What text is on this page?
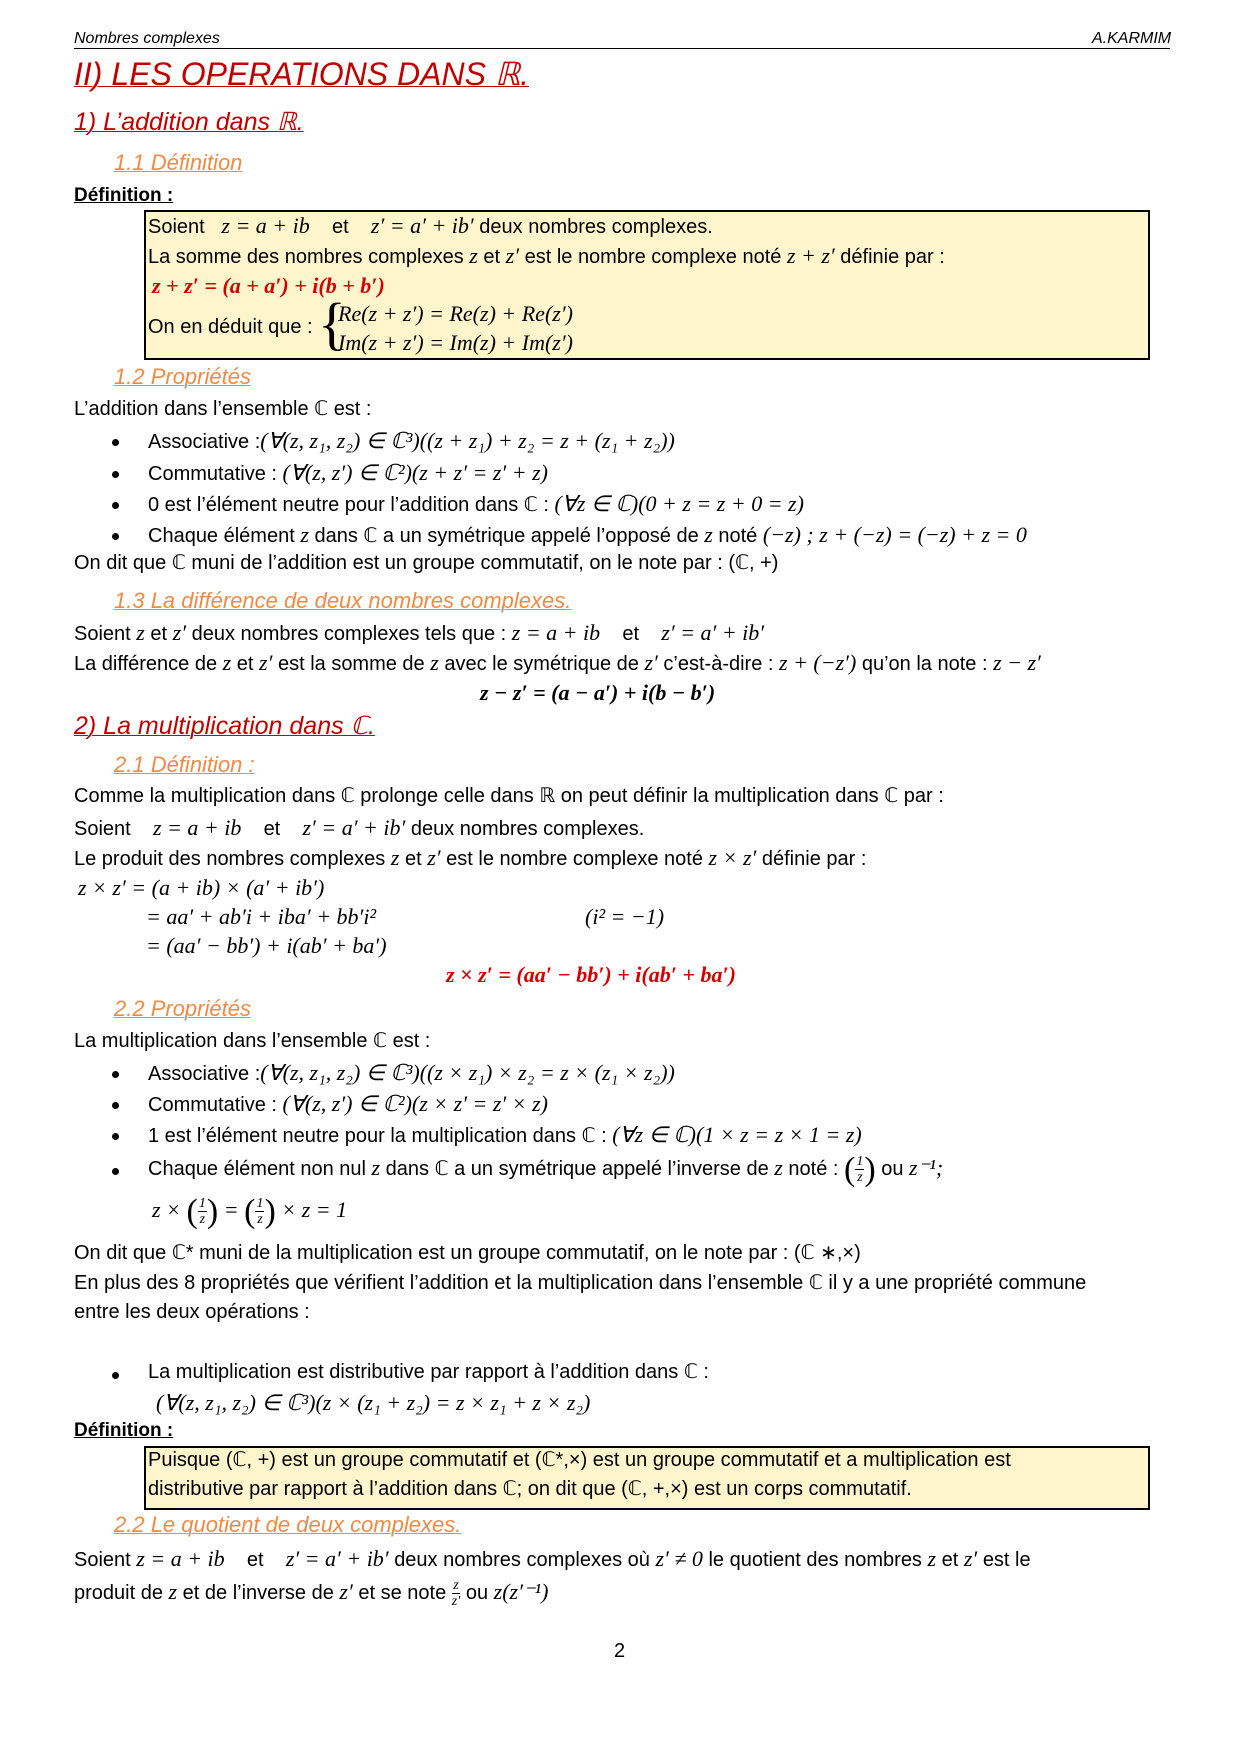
Nombres complexes	A.KARMIM
II) LES OPERATIONS DANS ℝ.
1) L’addition dans ℝ.
1.1 Définition
Définition :
Soient z = a + ib et z′ = a′ + ib′ deux nombres complexes.
La somme des nombres complexes z et z′ est le nombre complexe noté z + z′ définie par :
z + z′ = (a + a′) + i(b + b′)
On en déduit que : {
Re(z + z′) = Re(z) + Re(z′)
Im(z + z′) = Im(z) + Im(z′)
1.2 Propriétés
L’addition dans l’ensemble ℂ est :
Associative :(∀(z, z₁, z₂) ∈ ℂ³)((z + z₁) + z₂ = z + (z₁ + z₂))
Commutative : (∀(z, z′) ∈ ℂ²)(z + z′ = z′ + z)
0 est l’élément neutre pour l’addition dans ℂ : (∀z ∈ ℂ)(0 + z = z + 0 = z)
Chaque élément z dans ℂ a un symétrique appelé l’opposé de z noté (−z) ; z + (−z) = (−z) + z = 0
On dit que ℂ muni de l’addition est un groupe commutatif, on le note par : (ℂ, +)
1.3 La différence de deux nombres complexes.
Soient z et z′ deux nombres complexes tels que : z = a + ib et z′ = a′ + ib′
La différence de z et z′ est la somme de z avec le symétrique de z′ c’est-à-dire : z + (−z′) qu’on la note : z − z′
z − z′ = (a − a′) + i(b − b′)
2) La multiplication dans ℂ.
2.1 Définition :
Comme la multiplication dans ℂ prolonge celle dans ℝ on peut définir la multiplication dans ℂ par :
Soient z = a + ib et z′ = a′ + ib′ deux nombres complexes.
Le produit des nombres complexes z et z′ est le nombre complexe noté z × z′ définie par :
z × z′ = (a + ib) × (a′ + ib′)
= aa′ + ab′i + iba′ + bb′i²	(i² = −1)
= (aa′ − bb′) + i(ab′ + ba′)
z × z′ = (aa′ − bb′) + i(ab′ + ba′)
2.2 Propriétés
La multiplication dans l’ensemble ℂ est :
Associative :(∀(z, z₁, z₂) ∈ ℂ³)((z × z₁) × z₂ = z × (z₁ × z₂))
Commutative : (∀(z, z′) ∈ ℂ²)(z × z′ = z′ × z)
1 est l’élément neutre pour la multiplication dans ℂ : (∀z ∈ ℂ)(1 × z = z × 1 = z)
Chaque élément non nul z dans ℂ a un symétrique appelé l’inverse de z noté : ( $\frac{1}{z}$ ) ou z⁻¹;
z × ( $\frac{1}{z}$ ) = ( $\frac{1}{z}$ ) × z = 1
On dit que ℂ* muni de la multiplication est un groupe commutatif, on le note par : (ℂ ∗,×)
En plus des 8 propriétés que vérifient l’addition et la multiplication dans l’ensemble ℂ il y a une propriété commune
entre les deux opérations :
La multiplication est distributive par rapport à l’addition dans ℂ :
(∀(z, z₁, z₂) ∈ ℂ³)(z × (z₁ + z₂) = z × z₁ + z × z₂)
Définition :
Puisque (ℂ, +) est un groupe commutatif et (ℂ*,×) est un groupe commutatif et a multiplication est
distributive par rapport à l’addition dans ℂ; on dit que (ℂ, +,×) est un corps commutatif.
2.2 Le quotient de deux complexes.
Soient z = a + ib et z′ = a′ + ib′ deux nombres complexes où z′ ≠ 0 le quotient des nombres z et z′ est le
produit de z et de l’inverse de z′ et se note $\frac{z}{z'}$ ou z(z′⁻¹)
2
